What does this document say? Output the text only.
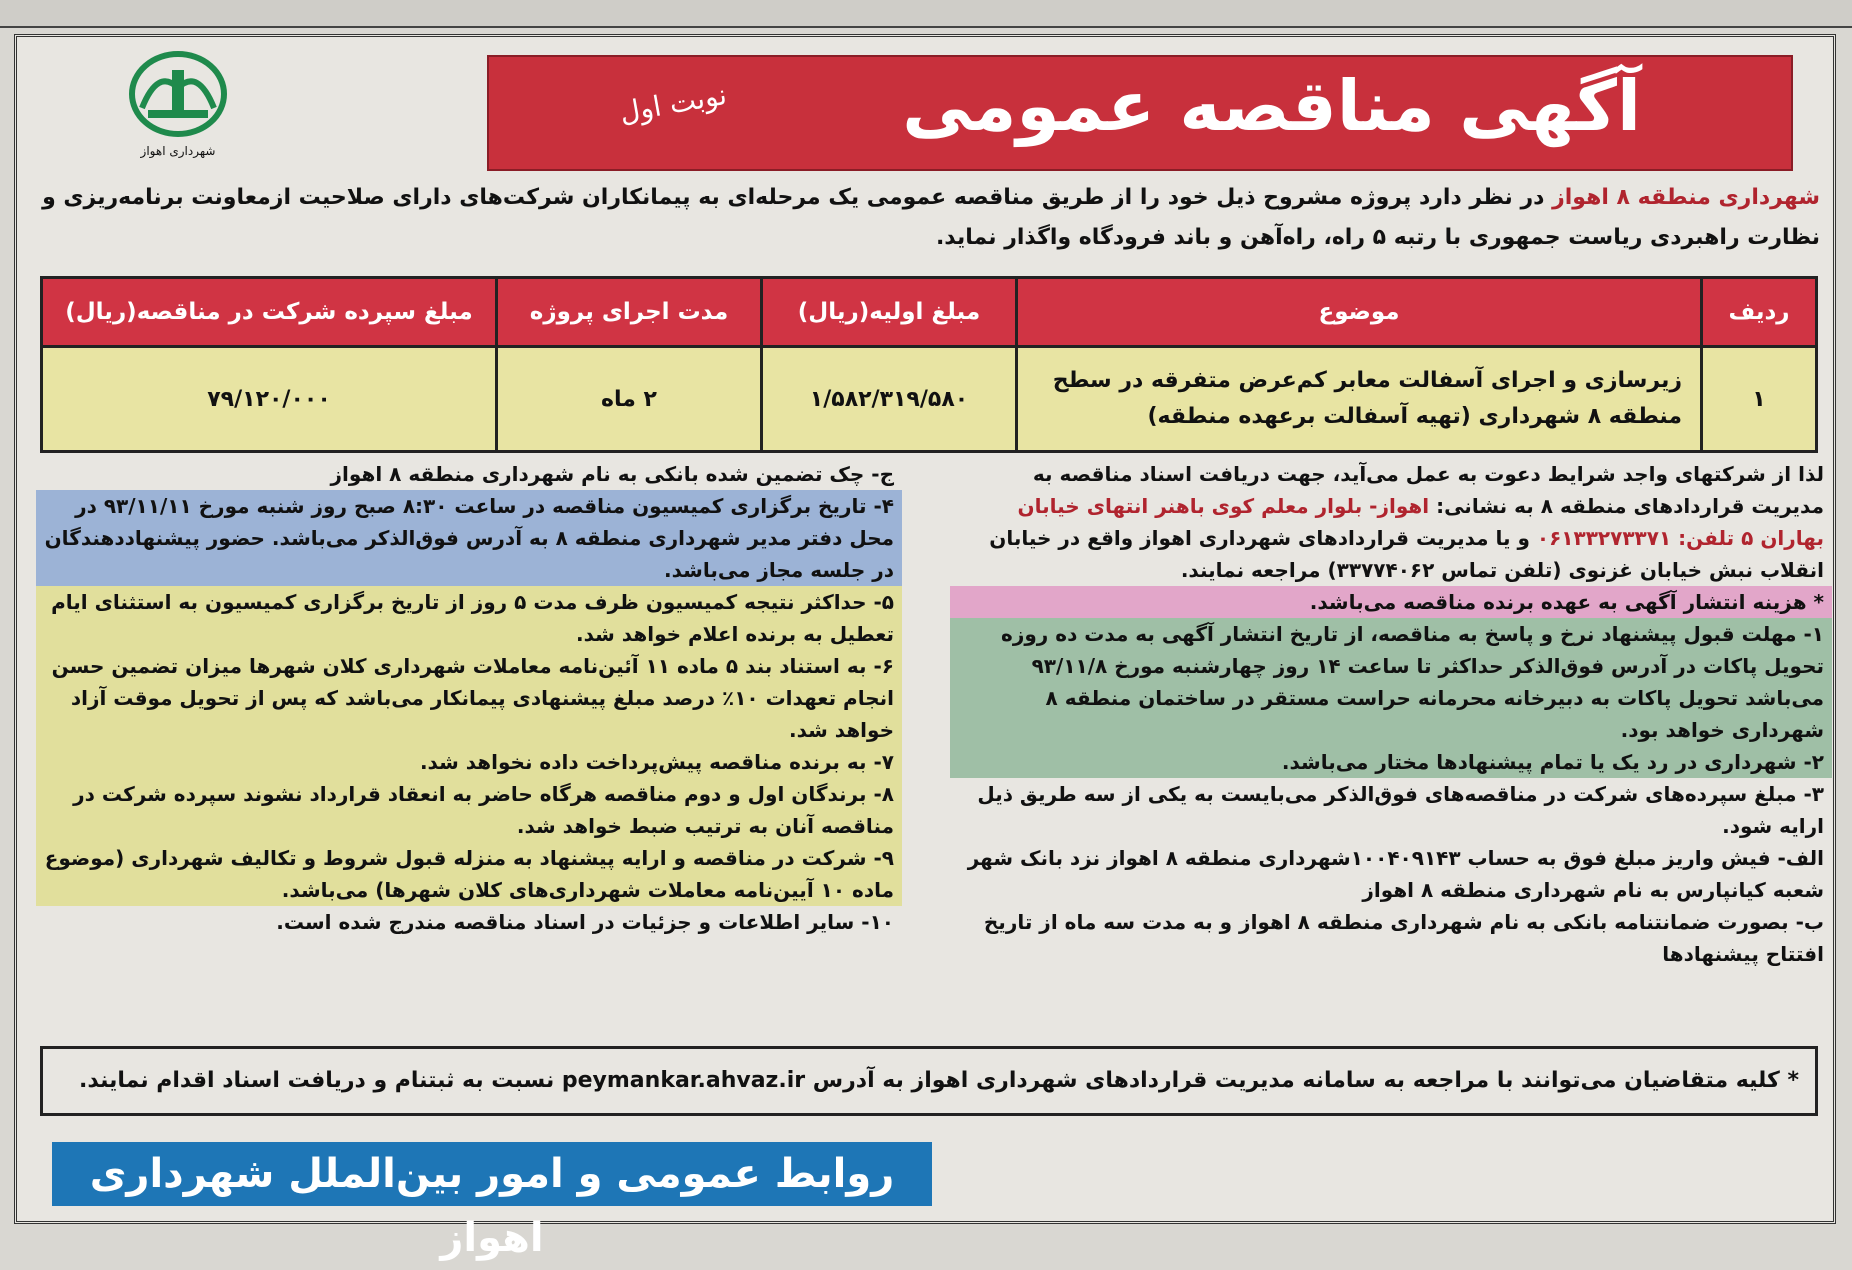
شهرداری اهواز
آگهی مناقصه عمومی
نوبت اول
شهرداری منطقه ۸ اهواز در نظر دارد پروژه مشروح ذیل خود را از طریق مناقصه عمومی یک مرحله‌ای به پیمانکاران شرکت‌های دارای صلاحیت ازمعاونت برنامه‌ریزی و نظارت راهبردی ریاست جمهوری با رتبه ۵ راه، راه‌آهن و باند فرودگاه واگذار نماید.
ردیف	موضوع	مبلغ اولیه(ریال)	مدت اجرای پروژه	مبلغ سپرده شرکت در مناقصه(ریال)
۱	زیرسازی و اجرای آسفالت معابر کم‌عرض متفرقه در سطح منطقه ۸ شهرداری (تهیه آسفالت برعهده منطقه)	۱/۵۸۲/۳۱۹/۵۸۰	۲ ماه	۷۹/۱۲۰/۰۰۰

لذا از شرکتهای واجد شرایط دعوت به عمل می‌آید، جهت دریافت اسناد مناقصه به مدیریت قراردادهای منطقه ۸ به نشانی: اهواز- بلوار معلم کوی باهنر انتهای خیابان بهاران ۵ تلفن: ۰۶۱۳۳۲۷۳۳۷۱ و یا مدیریت قراردادهای شهرداری اهواز واقع در خیابان انقلاب نبش خیابان غزنوی (تلفن تماس ۳۳۷۷۴۰۶۲) مراجعه نمایند.

* هزینه انتشار آگهی به عهده برنده مناقصه می‌باشد.

۱- مهلت قبول پیشنهاد نرخ و پاسخ به مناقصه، از تاریخ انتشار آگهی به مدت ده روزه تحویل پاکات در آدرس فوق‌الذکر حداکثر تا ساعت ۱۴ روز چهارشنبه مورخ ۹۳/۱۱/۸ می‌باشد تحویل پاکات به دبیرخانه محرمانه حراست مستقر در ساختمان منطقه ۸ شهرداری خواهد بود.

۲- شهرداری در رد یک یا تمام پیشنهادها مختار می‌باشد.

۳- مبلغ سپرده‌های شرکت در مناقصه‌های فوق‌الذکر می‌بایست به یکی از سه طریق ذیل ارایه شود.

الف- فیش واریز مبلغ فوق به حساب ۱۰۰۴۰۹۱۴۳شهرداری منطقه ۸ اهواز نزد بانک شهر شعبه کیانپارس به نام شهرداری منطقه ۸ اهواز

ب- بصورت ضمانتنامه بانکی به نام شهرداری منطقه ۸ اهواز و به مدت سه ماه از تاریخ افتتاح پیشنهادها

ج- چک تضمین شده بانکی به نام شهرداری منطقه ۸ اهواز

۴- تاریخ برگزاری کمیسیون مناقصه در ساعت ۸:۳۰ صبح روز شنبه مورخ ۹۳/۱۱/۱۱ در محل دفتر مدیر شهرداری منطقه ۸ به آدرس فوق‌الذکر می‌باشد. حضور پیشنهاددهندگان در جلسه مجاز می‌باشد.

۵- حداکثر نتیجه کمیسیون ظرف مدت ۵ روز از تاریخ برگزاری کمیسیون به استثنای ایام تعطیل به برنده اعلام خواهد شد.

۶- به استناد بند ۵ ماده ۱۱ آئین‌نامه معاملات شهرداری کلان شهرها میزان تضمین حسن انجام تعهدات ۱۰٪ درصد مبلغ پیشنهادی پیمانکار می‌باشد که پس از تحویل موقت آزاد خواهد شد.

۷- به برنده مناقصه پیش‌پرداخت داده نخواهد شد.

۸- برندگان اول و دوم مناقصه هرگاه حاضر به انعقاد قرارداد نشوند سپرده شرکت در مناقصه آنان به ترتیب ضبط خواهد شد.

۹- شرکت در مناقصه و ارایه پیشنهاد به منزله قبول شروط و تکالیف شهرداری (موضوع ماده ۱۰ آیین‌نامه معاملات شهرداری‌های کلان شهرها) می‌باشد.

۱۰- سایر اطلاعات و جزئیات در اسناد مناقصه مندرج شده است.

* کلیه متقاضیان می‌توانند با مراجعه به سامانه مدیریت قراردادهای شهرداری اهواز به آدرس peymankar.ahvaz.ir نسبت به ثبتنام و دریافت اسناد اقدام نمایند.
روابط عمومی و امور بین‌الملل شهرداری اهواز
